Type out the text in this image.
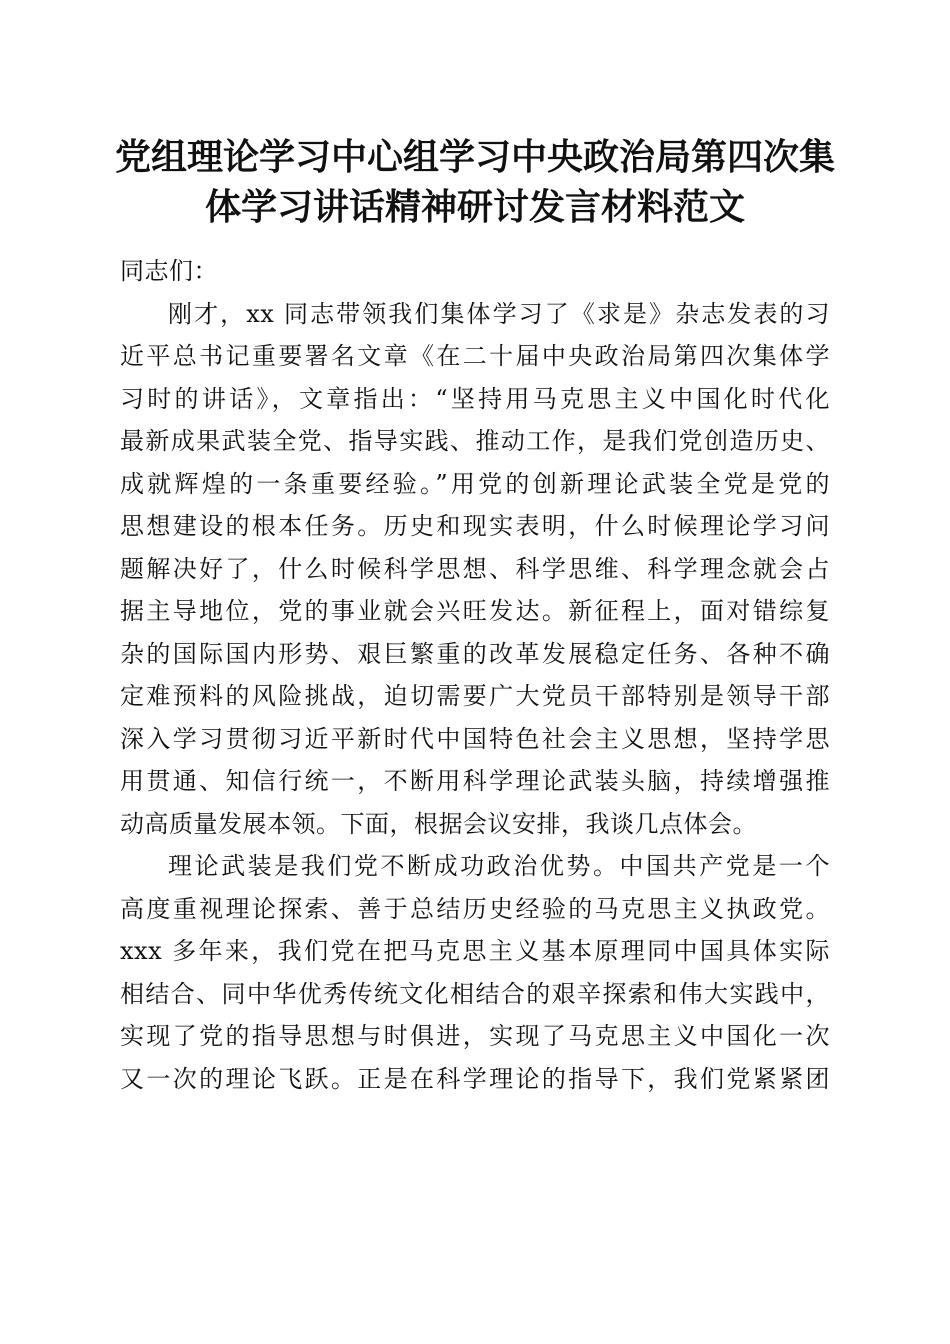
党组理论学习中心组学习中央政治局第四次集
体学习讲话精神研讨发言材料范文
同志们：
刚才，xx 同志带领我们集体学习了《求是》杂志发表的习
近平总书记重要署名文章《在二十届中央政治局第四次集体学
习时的讲话》，文章指出：“坚持用马克思主义中国化时代化
最新成果武装全党、指导实践、推动工作，是我们党创造历史、
成就辉煌的一条重要经验。”用党的创新理论武装全党是党的
思想建设的根本任务。历史和现实表明，什么时候理论学习问
题解决好了，什么时候科学思想、科学思维、科学理念就会占
据主导地位，党的事业就会兴旺发达。新征程上，面对错综复
杂的国际国内形势、艰巨繁重的改革发展稳定任务、各种不确
定难预料的风险挑战，迫切需要广大党员干部特别是领导干部
深入学习贯彻习近平新时代中国特色社会主义思想，坚持学思
用贯通、知信行统一，不断用科学理论武装头脑，持续增强推
动高质量发展本领。下面，根据会议安排，我谈几点体会。
理论武装是我们党不断成功政治优势。中国共产党是一个
高度重视理论探索、善于总结历史经验的马克思主义执政党。
xxx 多年来，我们党在把马克思主义基本原理同中国具体实际
相结合、同中华优秀传统文化相结合的艰辛探索和伟大实践中，
实现了党的指导思想与时俱进，实现了马克思主义中国化一次
又一次的理论飞跃。正是在科学理论的指导下，我们党紧紧团
